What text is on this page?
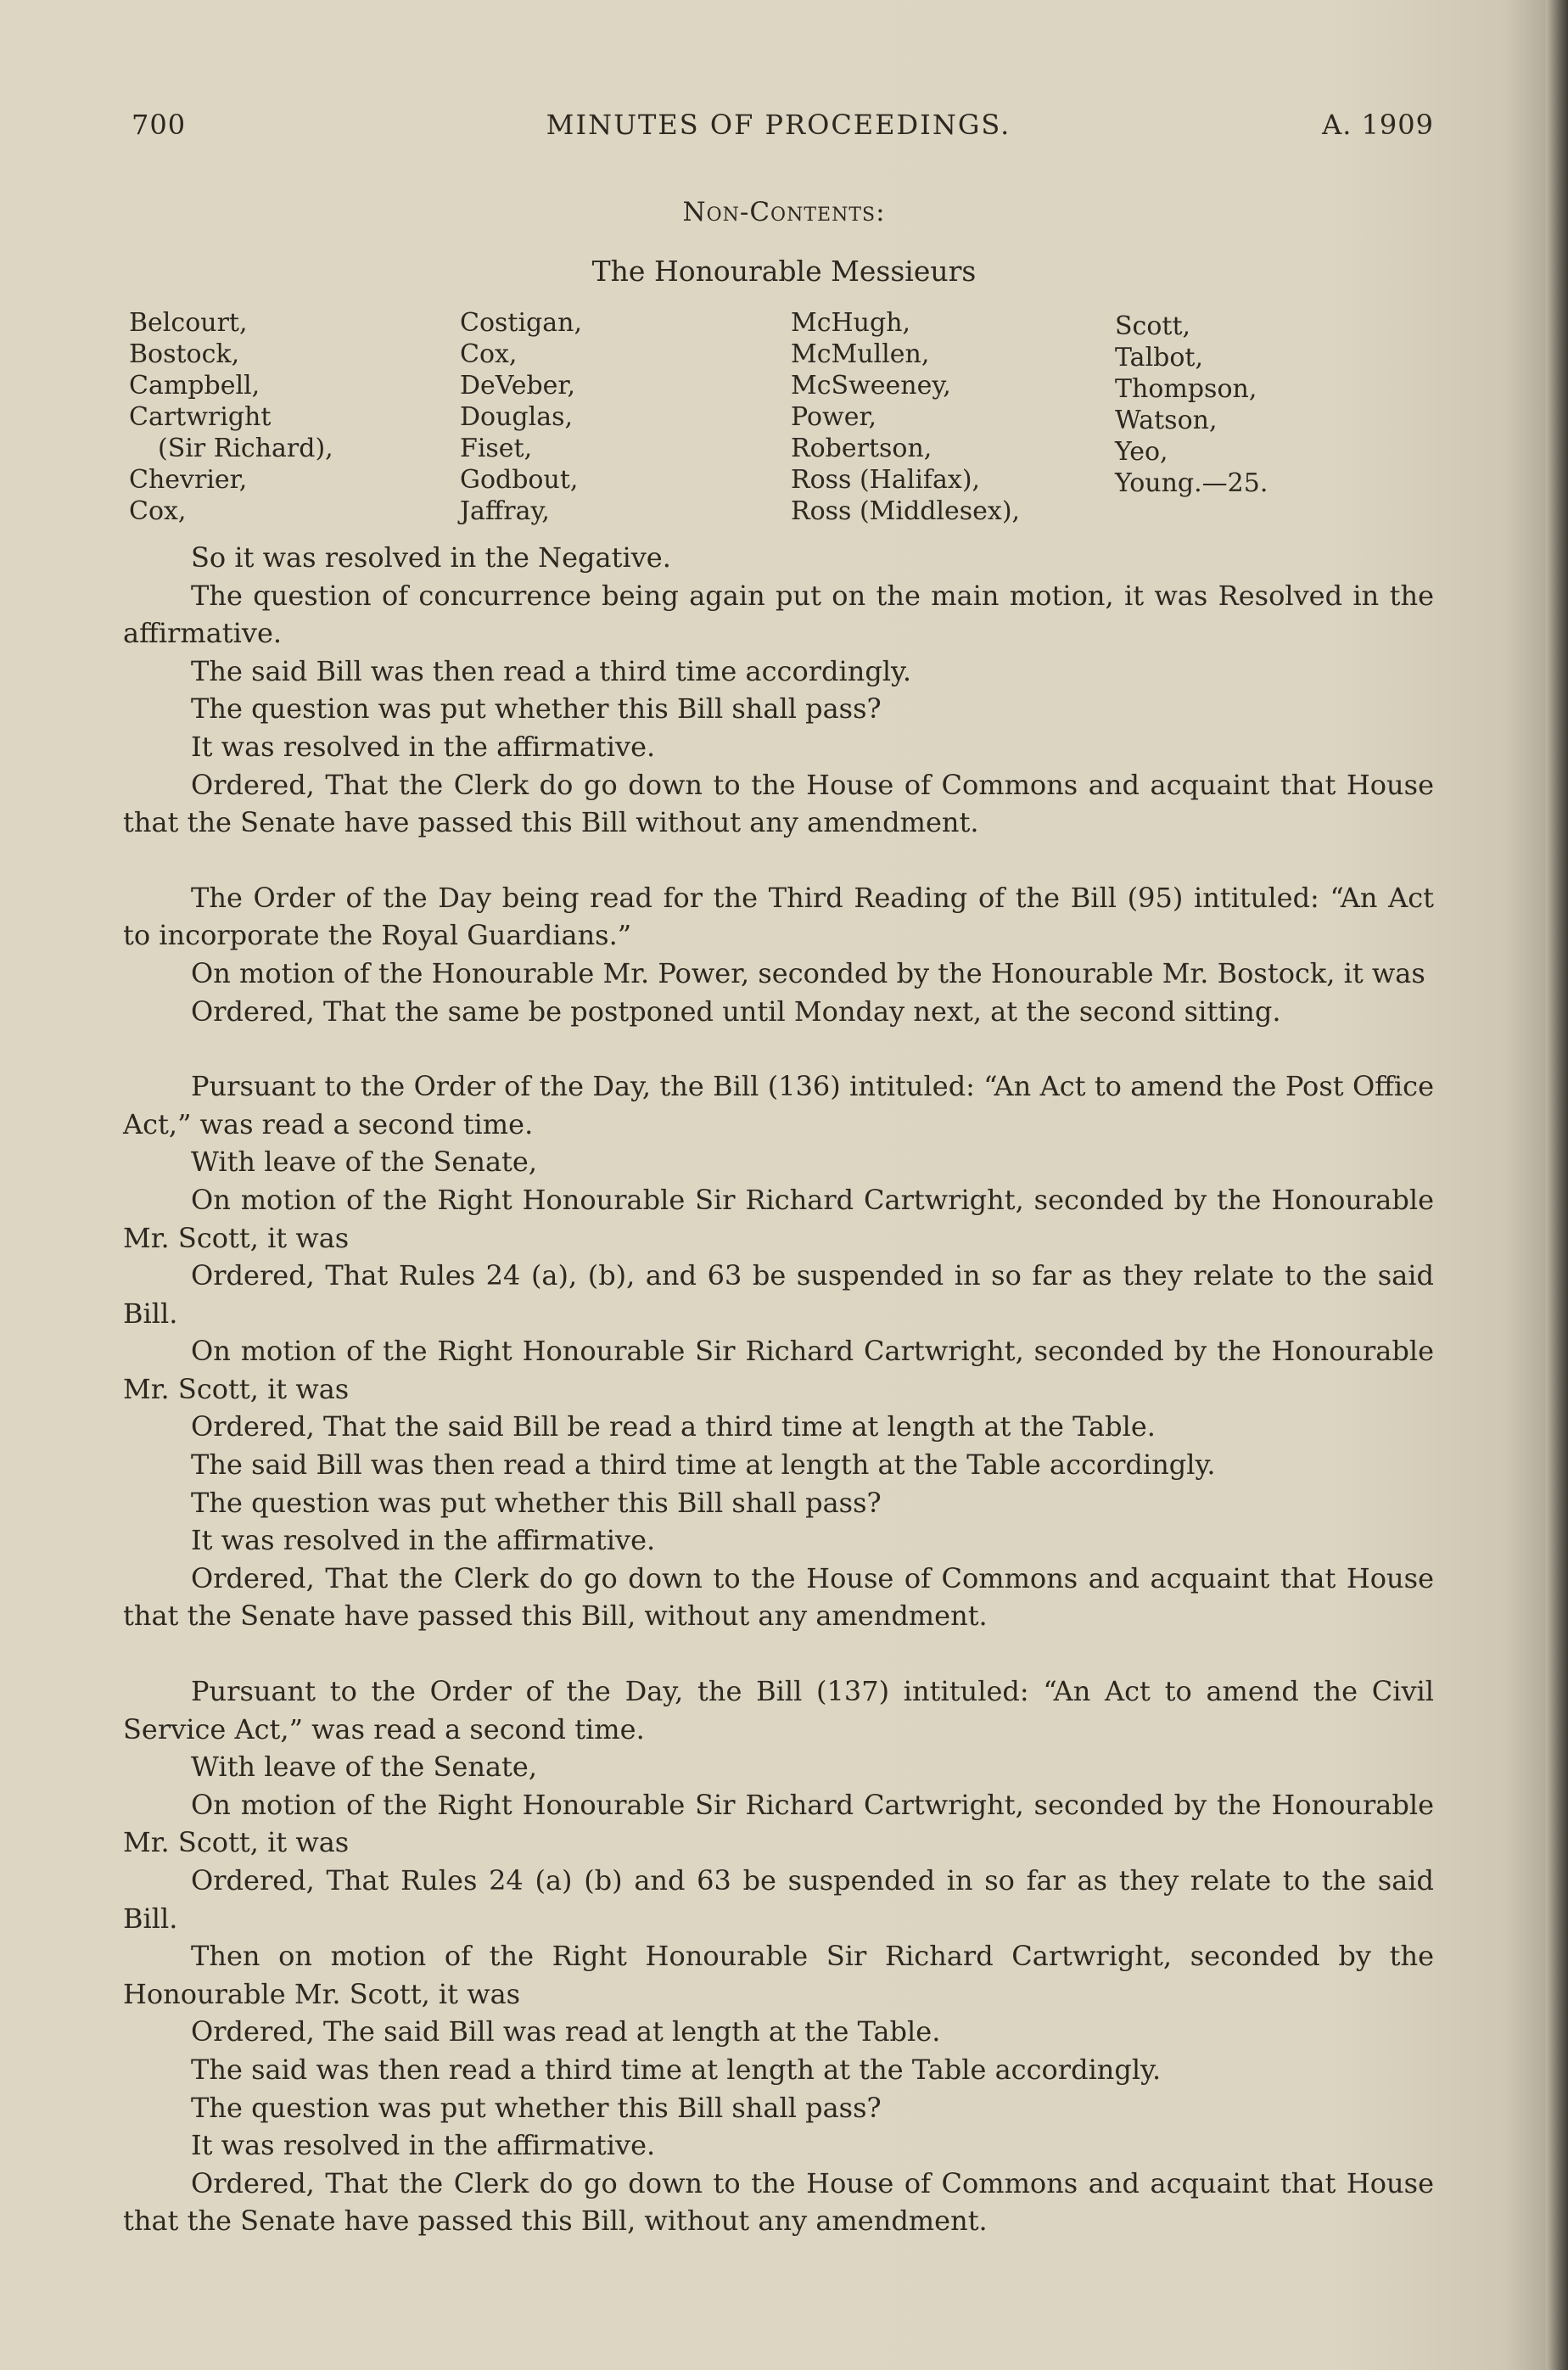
700	MINUTES OF PROCEEDINGS.	A. 1909
Non-Contents:
The Honourable Messieurs
Belcourt,
Bostock,
Campbell,
Cartwright
(Sir Richard),
Chevrier,
Cox,
Costigan,
Cox,
DeVeber,
Douglas,
Fiset,
Godbout,
Jaffray,
McHugh,
McMullen,
McSweeney,
Power,
Robertson,
Ross (Halifax),
Ross (Middlesex),
Scott,
Talbot,
Thompson,
Watson,
Yeo,
Young.—25.

So it was resolved in the Negative.

The question of concurrence being again put on the main motion, it was Resolved in the affirmative.

The said Bill was then read a third time accordingly.

The question was put whether this Bill shall pass?

It was resolved in the affirmative.

Ordered, That the Clerk do go down to the House of Commons and acquaint that House that the Senate have passed this Bill without any amendment.

The Order of the Day being read for the Third Reading of the Bill (95) intituled: “An Act to incorporate the Royal Guardians.”

On motion of the Honourable Mr. Power, seconded by the Honourable Mr. Bostock, it was

Ordered, That the same be postponed until Monday next, at the second sitting.

Pursuant to the Order of the Day, the Bill (136) intituled: “An Act to amend the Post Office Act,” was read a second time.

With leave of the Senate,

On motion of the Right Honourable Sir Richard Cartwright, seconded by the Honourable Mr. Scott, it was

Ordered, That Rules 24 (a), (b), and 63 be suspended in so far as they relate to the said Bill.

On motion of the Right Honourable Sir Richard Cartwright, seconded by the Honourable Mr. Scott, it was

Ordered, That the said Bill be read a third time at length at the Table.

The said Bill was then read a third time at length at the Table accordingly.

The question was put whether this Bill shall pass?

It was resolved in the affirmative.

Ordered, That the Clerk do go down to the House of Commons and acquaint that House that the Senate have passed this Bill, without any amendment.

Pursuant to the Order of the Day, the Bill (137) intituled: “An Act to amend the Civil Service Act,” was read a second time.

With leave of the Senate,

On motion of the Right Honourable Sir Richard Cartwright, seconded by the Honourable Mr. Scott, it was

Ordered, That Rules 24 (a) (b) and 63 be suspended in so far as they relate to the said Bill.

Then on motion of the Right Honourable Sir Richard Cartwright, seconded by the Honourable Mr. Scott, it was

Ordered, The said Bill was read at length at the Table.

The said was then read a third time at length at the Table accordingly.

The question was put whether this Bill shall pass?

It was resolved in the affirmative.

Ordered, That the Clerk do go down to the House of Commons and acquaint that House that the Senate have passed this Bill, without any amendment.
